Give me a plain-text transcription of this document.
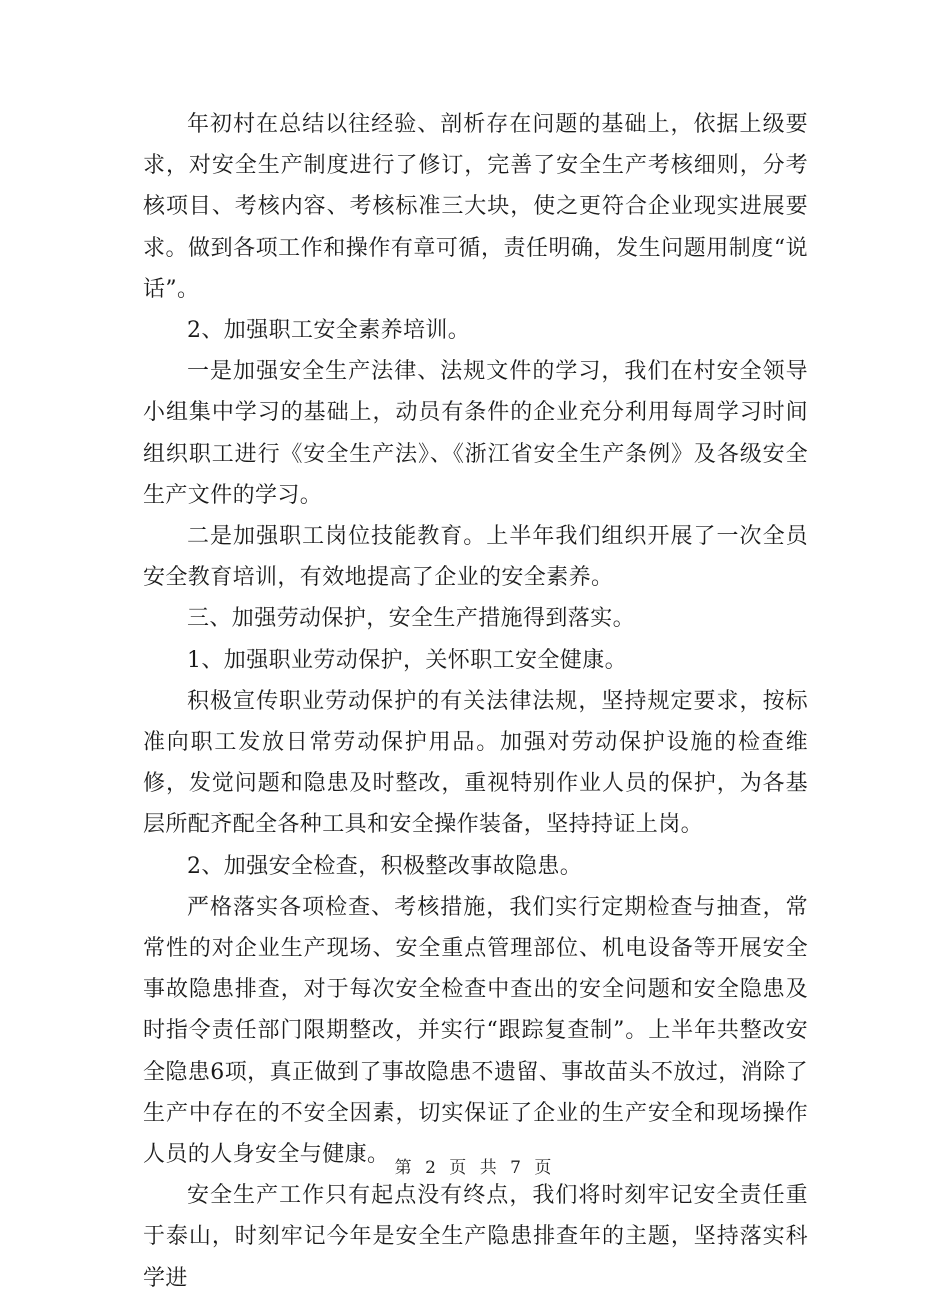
年初村在总结以往经验、剖析存在问题的基础上，依据上级要求，对安全生产制度进行了修订，完善了安全生产考核细则，分考核项目、考核内容、考核标准三大块，使之更符合企业现实进展要求。做到各项工作和操作有章可循，责任明确，发生问题用制度“说话”。

2、加强职工安全素养培训。

一是加强安全生产法律、法规文件的学习，我们在村安全领导小组集中学习的基础上，动员有条件的企业充分利用每周学习时间组织职工进行《安全生产法》、《浙江省安全生产条例》及各级安全生产文件的学习。

二是加强职工岗位技能教育。上半年我们组织开展了一次全员安全教育培训，有效地提高了企业的安全素养。

三、加强劳动保护，安全生产措施得到落实。

1、加强职业劳动保护，关怀职工安全健康。

积极宣传职业劳动保护的有关法律法规，坚持规定要求，按标准向职工发放日常劳动保护用品。加强对劳动保护设施的检查维修，发觉问题和隐患及时整改，重视特别作业人员的保护，为各基层所配齐配全各种工具和安全操作装备，坚持持证上岗。

2、加强安全检查，积极整改事故隐患。

严格落实各项检查、考核措施，我们实行定期检查与抽查，常常性的对企业生产现场、安全重点管理部位、机电设备等开展安全事故隐患排查，对于每次安全检查中查出的安全问题和安全隐患及时指令责任部门限期整改，并实行“跟踪复查制”。上半年共整改安全隐患6项，真正做到了事故隐患不遗留、事故苗头不放过，消除了生产中存在的不安全因素，切实保证了企业的生产安全和现场操作人员的人身安全与健康。

安全生产工作只有起点没有终点，我们将时刻牢记安全责任重于泰山，时刻牢记今年是安全生产隐患排查年的主题，坚持落实科学进

第 2 页 共 7 页
